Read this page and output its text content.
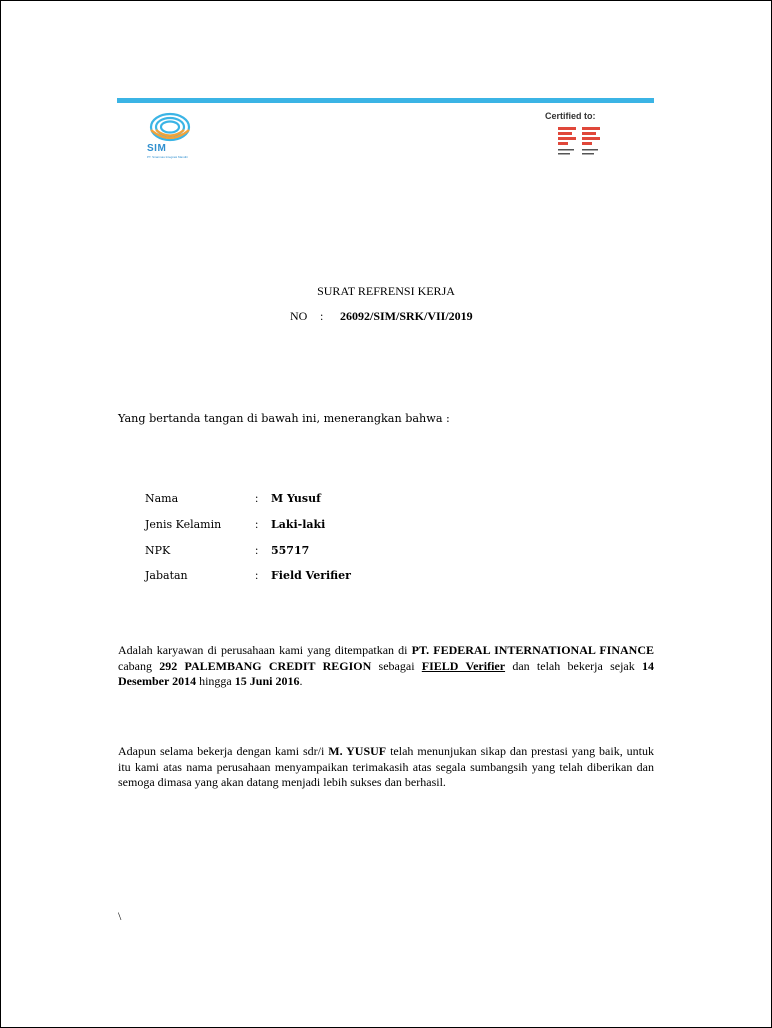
SIM
PT. Sinarmas Integrasi Mandiri
Certified to:
SURAT REFRENSI KERJA
NO : 26092/SIM/SRK/VII/2019
Yang bertanda tangan di bawah ini, menerangkan bahwa :
Nama	: M Yusuf
Jenis Kelamin	: Laki-laki
NPK	: 55717
Jabatan	: Field Verifier
Adalah karyawan di perusahaan kami yang ditempatkan di PT. FEDERAL INTERNATIONAL FINANCE cabang 292 PALEMBANG CREDIT REGION sebagai FIELD Verifier dan telah bekerja sejak 14 Desember 2014 hingga 15 Juni 2016.
Adapun selama bekerja dengan kami sdr/i M. YUSUF telah menunjukan sikap dan prestasi yang baik, untuk itu kami atas nama perusahaan menyampaikan terimakasih atas segala sumbangsih yang telah diberikan dan semoga dimasa yang akan datang menjadi lebih sukses dan berhasil.
\
